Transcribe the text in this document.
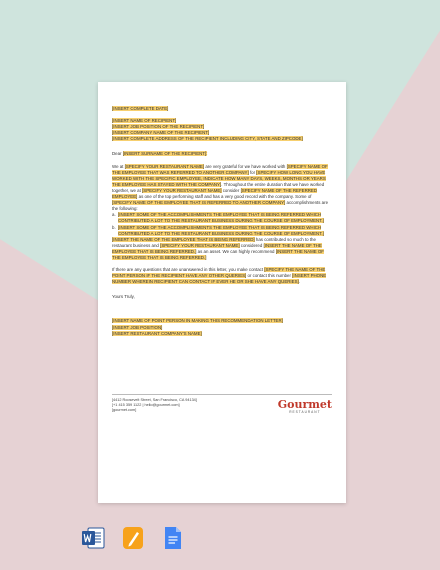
[INSERT COMPLETE DATE]

[INSERT NAME OF RECIPIENT]

[INSERT JOB POSITION OF THE RECIPIENT]

[INSERT COMPANY NAME OF THE RECIPIENT]

[INSERT COMPLETE ADDRESS OF THE RECIPIENT INCLUDING CITY, STATE AND ZIPCODE]

Dear [INSERT SURNAME OF THE RECIPIENT]:

We at [SPECIFY YOUR RESTAURANT NAME] are very grateful for we have worked with [SPECIFY NAME OF THE EMPLOYEE THAT WAS REFERRED TO ANOTHER COMPANY] for [SPECIFY HOW LONG YOU HAVE WORKED WITH THE SPECIFIC EMPLOYEE, INDICATE HOW MANY DAYS, WEEKS, MONTHS OR YEARS THE EMPLOYEE HAS STAYED WITH THE COMPANY]. Throughout the entire duration that we have worked together, we at [SPECIFY YOUR RESTAURANT NAME] consider [SPECIFY NAME OF THE REFERRED EMPLOYEE] as one of the top performing staff and has a very good record with the company. Some of [SPECIFY NAME OF THE EMPLOYEE THAT IS REFERRED TO ANOTHER COMPANY] accomplishments are the following:

a. [INSERT SOME OF THE ACCOMPLISHMENTS THE EMPLOYEE THAT IS BEING REFERRED WHICH CONTRIBUTED A LOT TO THE RESTAURANT BUSINESS DURING THE COURSE OF EMPLOYMENT.]
b. [INSERT SOME OF THE ACCOMPLISHMENTS THE EMPLOYEE THAT IS BEING REFERRED WHICH CONTRIBUTED A LOT TO THE RESTAURANT BUSINESS DURING THE COURSE OF EMPLOYMENT.]

[INSERT THE NAME OF THE EMPLOYEE THAT IS BEING REFERRED] has contributed so much to the restaurant business and [SPECIFY YOUR RESTAURANT NAME] considered [INSERT THE NAME OF THE EMPLOYEE THAT IS BEING REFERRED.] as an asset. We can highly recommend [INSERT THE NAME OF THE EMPLOYEE THAT IS BEING REFERRED.]

If there are any questions that are unanswered in this letter, you make contact [SPECIFY THE NAME OF THE POINT PERSON IF THE RECIPIENT HAVE ANY OTHER QUERIES] or contact this number [INSERT PHONE NUMBER WHEREIN RECIPIENT CAN CONTACT IF EVER HE OR SHE HAVE ANY QUERIES].

Yours Truly,

[INSERT NAME OF POINT PERSON IN MAKING THIS RECOMMENDATION LETTER]

[INSERT JOB POSITION]

[INSERT RESTAURANT COMPANY'S NAME]

[4412 Roosevelt Street, San Francisco, CA 94134]
[+1 415 359 1122 | hello@gourmet.com]
[gourmet.com]	Gourmet
RESTAURANT
